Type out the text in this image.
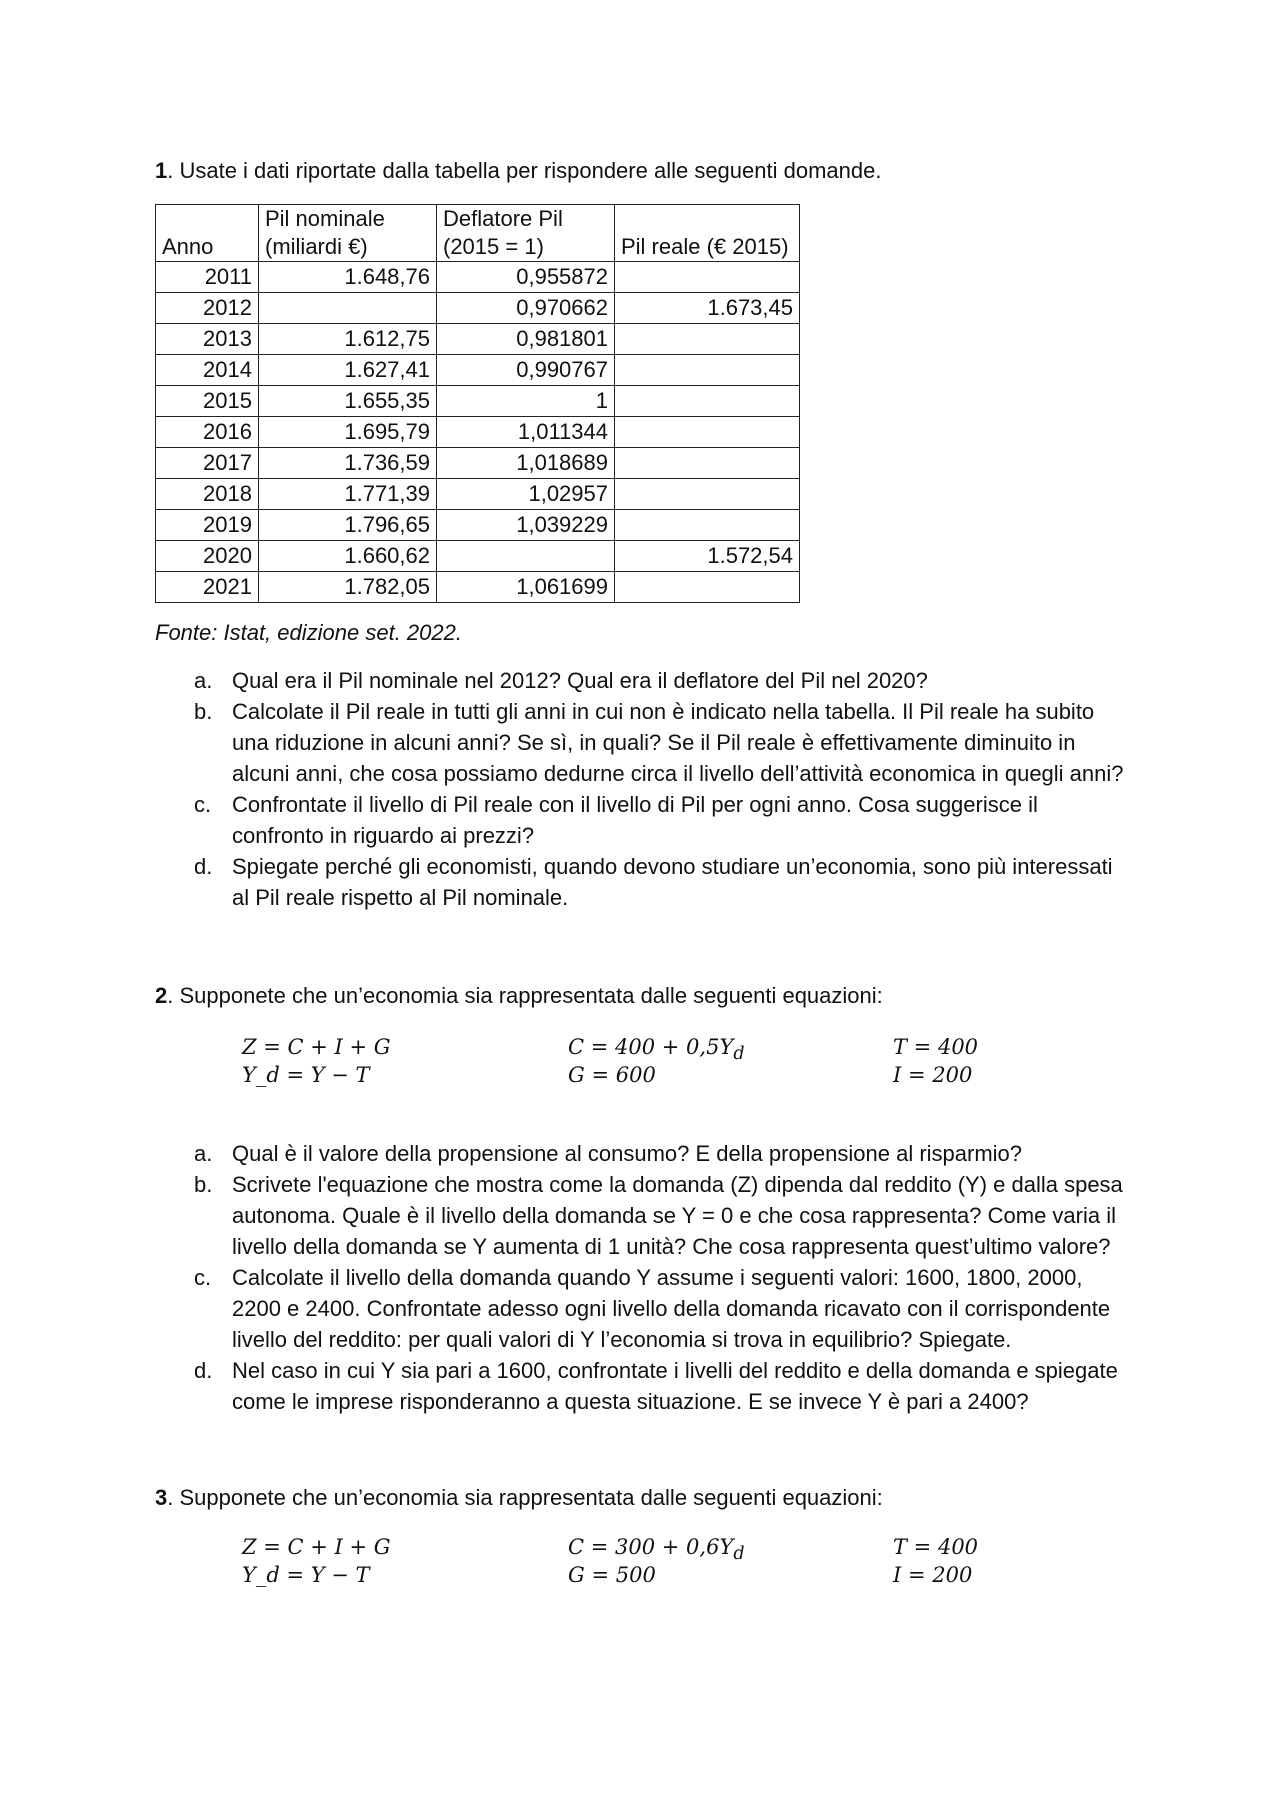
1. Usate i dati riportate dalla tabella per rispondere alle seguenti domande.

Anno	Pil nominale (miliardi €)	Deflatore Pil (2015 = 1)	Pil reale (€ 2015)
2011	1.648,76	0,955872	
2012		0,970662	1.673,45
2013	1.612,75	0,981801	
2014	1.627,41	0,990767	
2015	1.655,35	1	
2016	1.695,79	1,011344	
2017	1.736,59	1,018689	
2018	1.771,39	1,02957	
2019	1.796,65	1,039229	
2020	1.660,62		1.572,54
2021	1.782,05	1,061699	

Fonte: Istat, edizione set. 2022.

a. Qual era il Pil nominale nel 2012? Qual era il deflatore del Pil nel 2020?
b. Calcolate il Pil reale in tutti gli anni in cui non è indicato nella tabella. Il Pil reale ha subito una riduzione in alcuni anni? Se sì, in quali? Se il Pil reale è effettivamente diminuito in alcuni anni, che cosa possiamo dedurne circa il livello dell’attività economica in quegli anni?
c. Confrontate il livello di Pil reale con il livello di Pil per ogni anno. Cosa suggerisce il confronto in riguardo ai prezzi?
d. Spiegate perché gli economisti, quando devono studiare un’economia, sono più interessati al Pil reale rispetto al Pil nominale.

2. Supponete che un’economia sia rappresentata dalle seguenti equazioni:

Z = C + I + G
Y_d = Y − T
$C = 400 + 0,5Y_d$
G = 600
T = 400
I = 200
a. Qual è il valore della propensione al consumo? E della propensione al risparmio?
b. Scrivete l'equazione che mostra come la domanda (Z) dipenda dal reddito (Y) e dalla spesa autonoma. Quale è il livello della domanda se Y = 0 e che cosa rappresenta? Come varia il livello della domanda se Y aumenta di 1 unità? Che cosa rappresenta quest’ultimo valore?
c. Calcolate il livello della domanda quando Y assume i seguenti valori: 1600, 1800, 2000, 2200 e 2400. Confrontate adesso ogni livello della domanda ricavato con il corrispondente livello del reddito: per quali valori di Y l’economia si trova in equilibrio? Spiegate.
d. Nel caso in cui Y sia pari a 1600, confrontate i livelli del reddito e della domanda e spiegate come le imprese risponderanno a questa situazione. E se invece Y è pari a 2400?

3. Supponete che un’economia sia rappresentata dalle seguenti equazioni:

Z = C + I + G
Y_d = Y − T
$C = 300 + 0,6Y_d$
G = 500
T = 400
I = 200
